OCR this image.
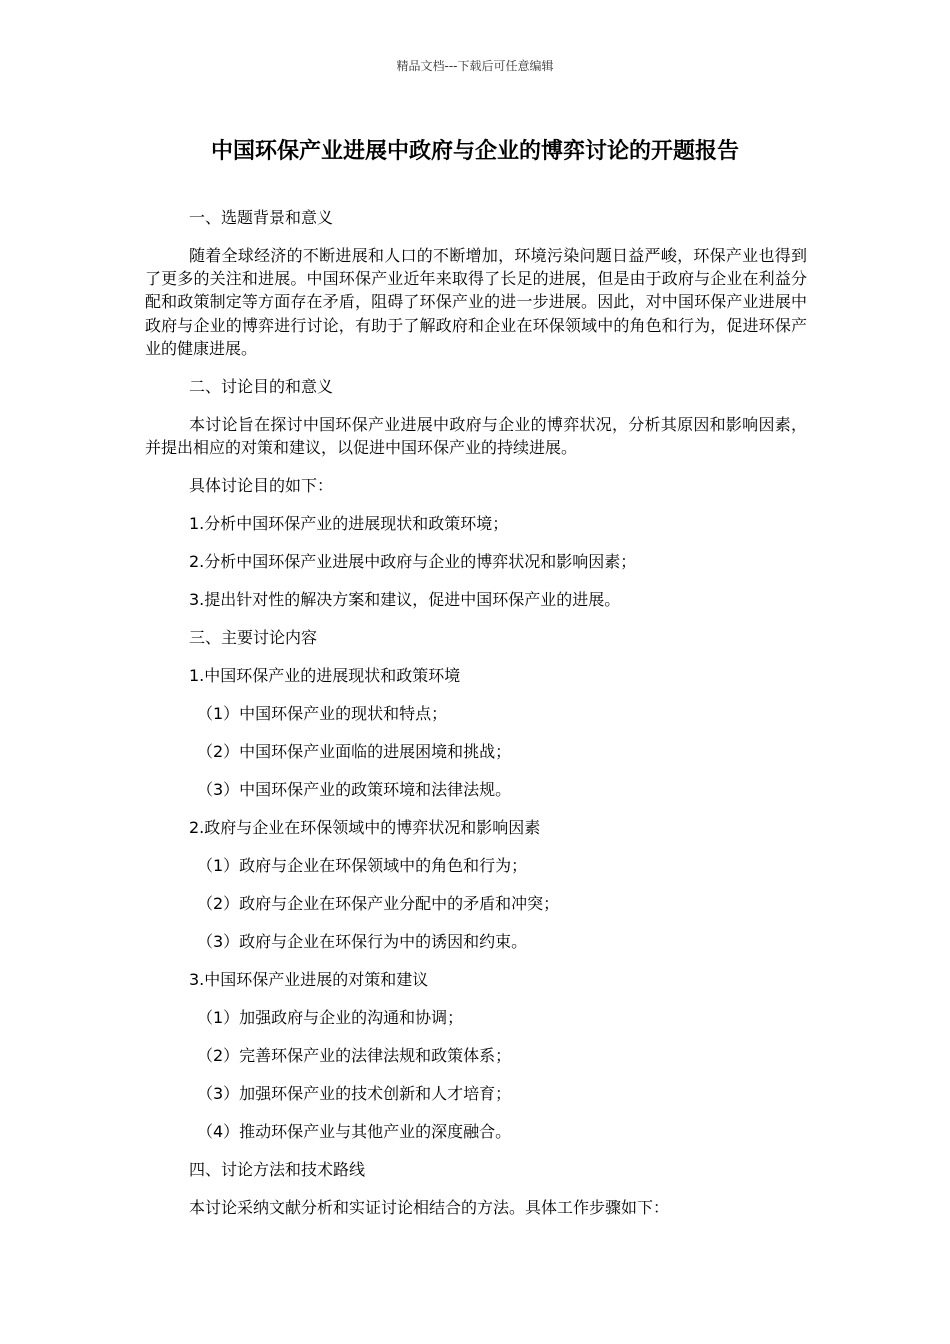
精品文档---下载后可任意编辑
中国环保产业进展中政府与企业的博弈讨论的开题报告

一、选题背景和意义

随着全球经济的不断进展和人口的不断增加，环境污染问题日益严峻，环保产业也得到了更多的关注和进展。中国环保产业近年来取得了长足的进展，但是由于政府与企业在利益分配和政策制定等方面存在矛盾，阻碍了环保产业的进一步进展。因此，对中国环保产业进展中政府与企业的博弈进行讨论，有助于了解政府和企业在环保领域中的角色和行为，促进环保产业的健康进展。

二、讨论目的和意义

本讨论旨在探讨中国环保产业进展中政府与企业的博弈状况，分析其原因和影响因素，并提出相应的对策和建议，以促进中国环保产业的持续进展。

具体讨论目的如下：

1.分析中国环保产业的进展现状和政策环境；

2.分析中国环保产业进展中政府与企业的博弈状况和影响因素；

3.提出针对性的解决方案和建议，促进中国环保产业的进展。

三、主要讨论内容

1.中国环保产业的进展现状和政策环境

（1）中国环保产业的现状和特点；

（2）中国环保产业面临的进展困境和挑战；

（3）中国环保产业的政策环境和法律法规。

2.政府与企业在环保领域中的博弈状况和影响因素

（1）政府与企业在环保领域中的角色和行为；

（2）政府与企业在环保产业分配中的矛盾和冲突；

（3）政府与企业在环保行为中的诱因和约束。

3.中国环保产业进展的对策和建议

（1）加强政府与企业的沟通和协调；

（2）完善环保产业的法律法规和政策体系；

（3）加强环保产业的技术创新和人才培育；

（4）推动环保产业与其他产业的深度融合。

四、讨论方法和技术路线

本讨论采纳文献分析和实证讨论相结合的方法。具体工作步骤如下：
